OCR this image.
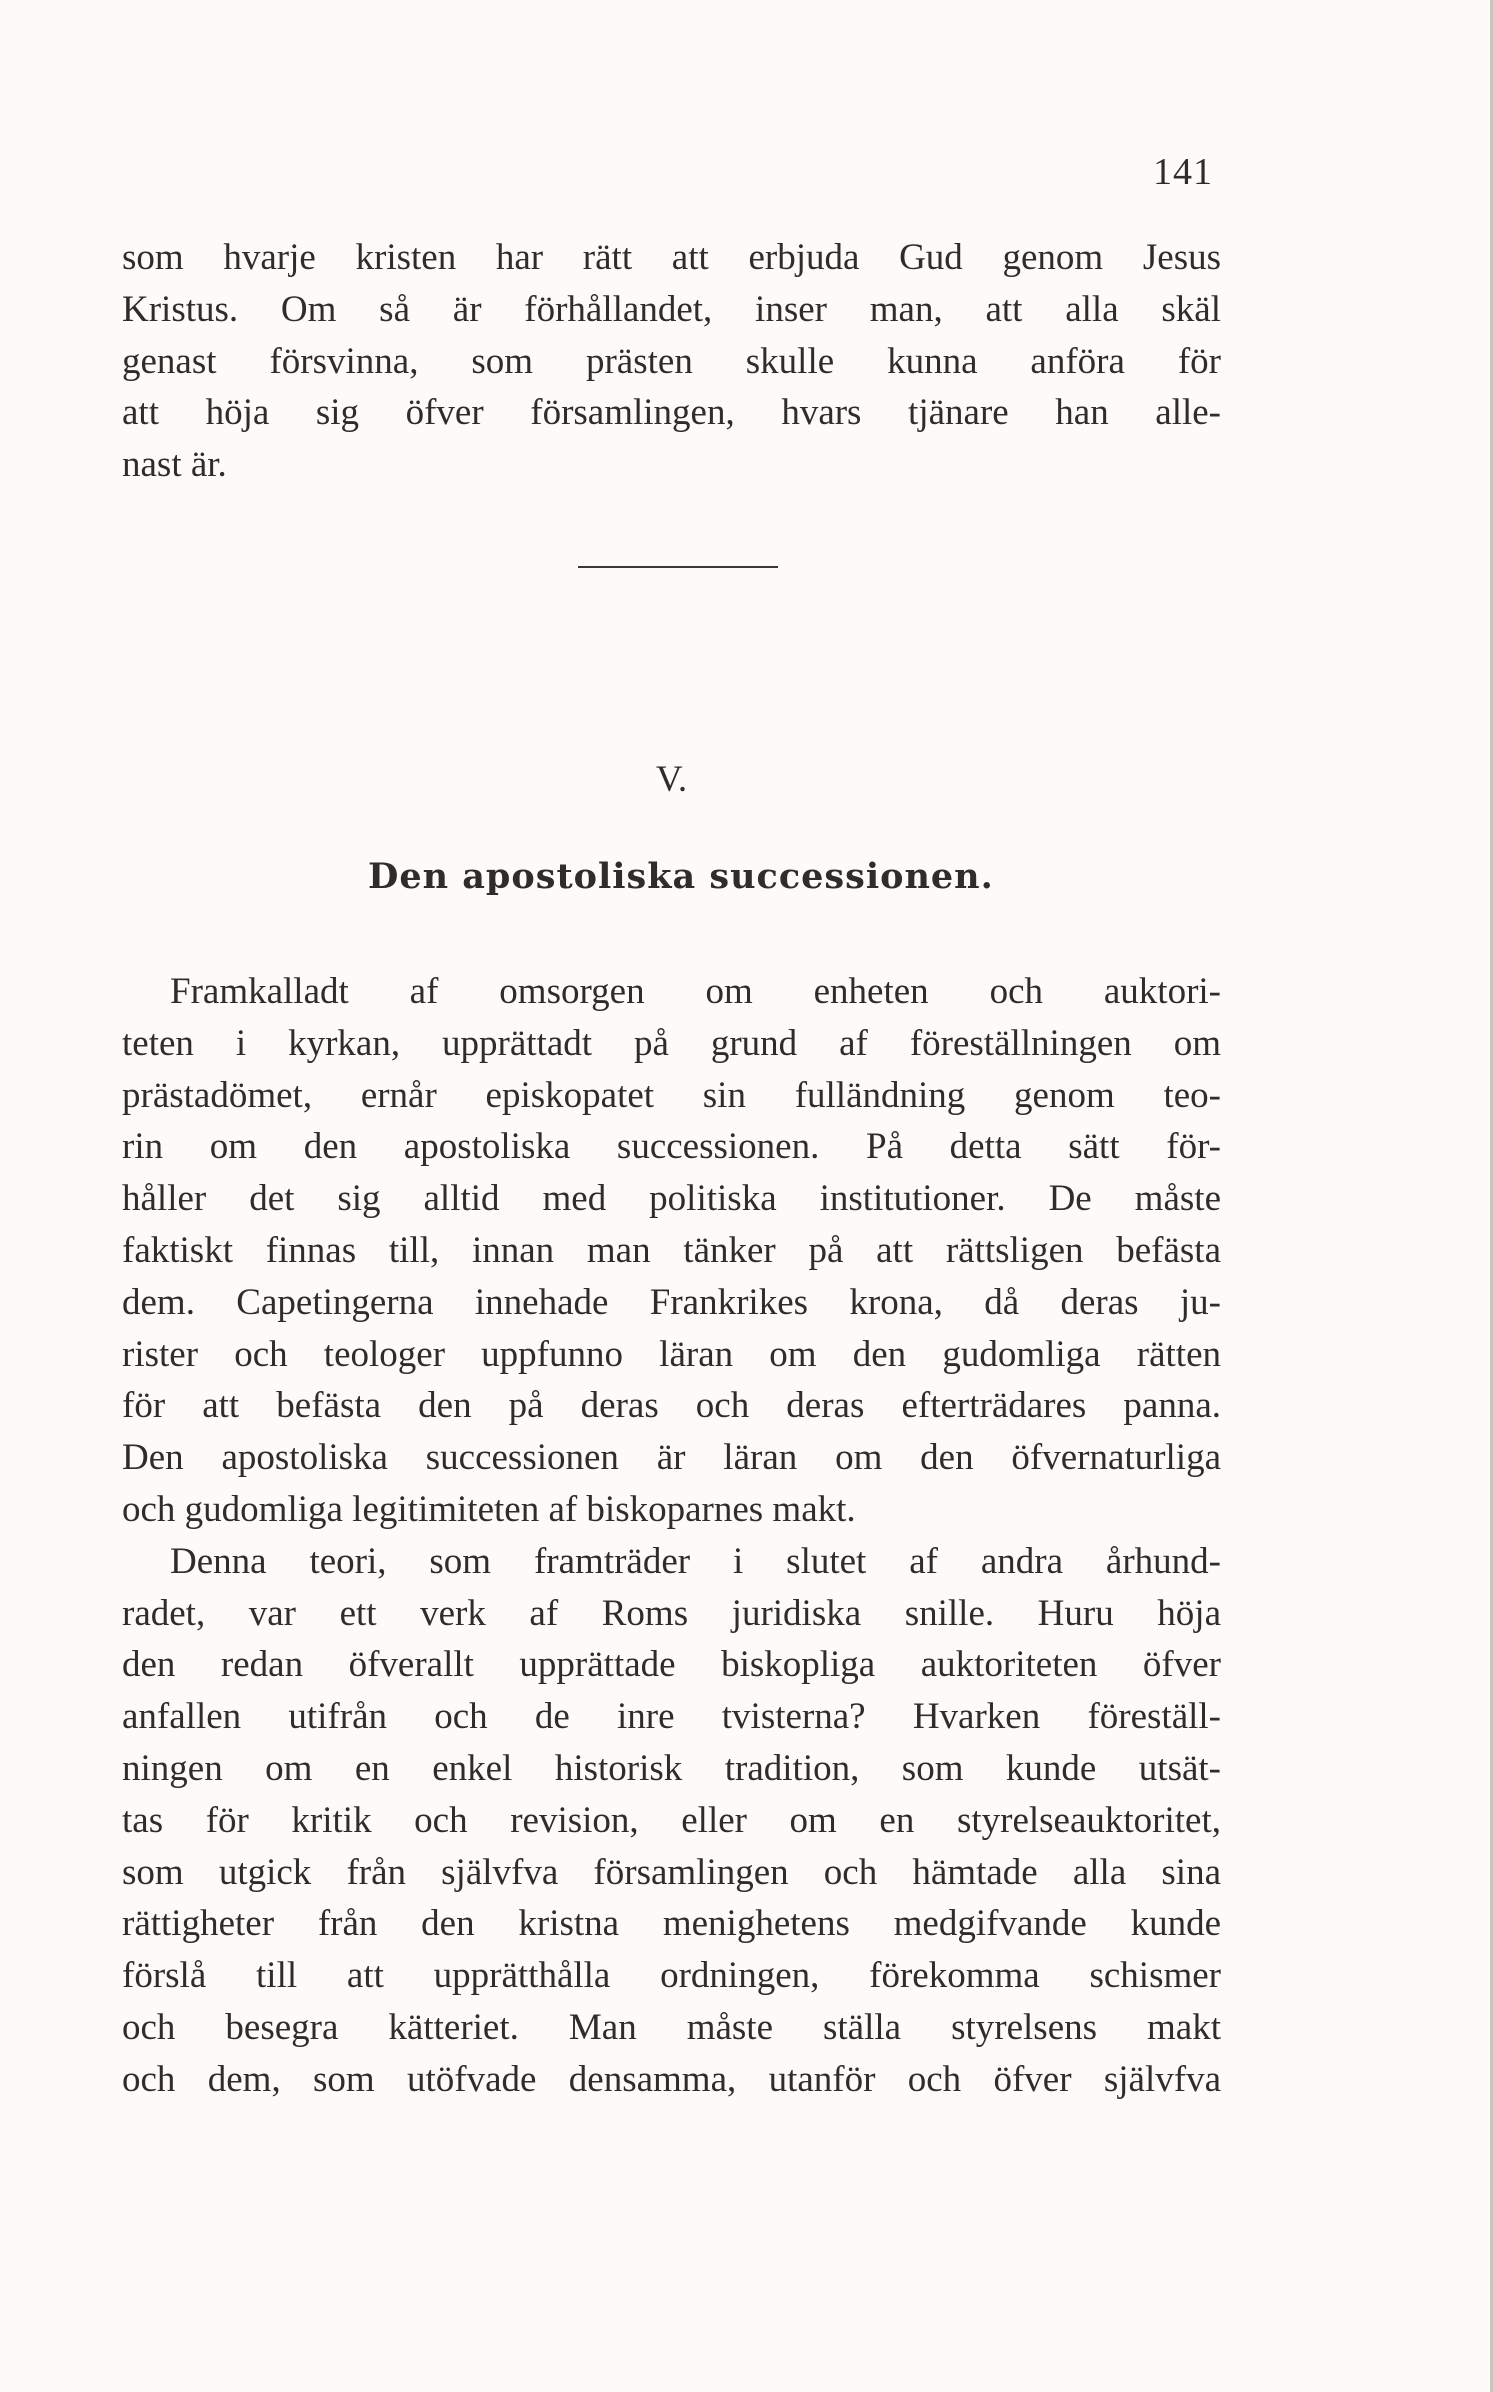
141
som hvarje kristen har rätt att erbjuda Gud genom Jesus
Kristus. Om så är förhållandet, inser man, att alla skäl
genast försvinna, som prästen skulle kunna anföra för
att höja sig öfver församlingen, hvars tjänare han alle-
nast är.
V.
Den apostoliska successionen.
Framkalladt af omsorgen om enheten och auktori-
teten i kyrkan, upprättadt på grund af föreställningen om
prästadömet, ernår episkopatet sin fulländning genom teo-
rin om den apostoliska successionen. På detta sätt för-
håller det sig alltid med politiska institutioner. De måste
faktiskt finnas till, innan man tänker på att rättsligen befästa
dem. Capetingerna innehade Frankrikes krona, då deras ju-
rister och teologer uppfunno läran om den gudomliga rätten
för att befästa den på deras och deras efterträdares panna.
Den apostoliska successionen är läran om den öfvernaturliga
och gudomliga legitimiteten af biskoparnes makt.
Denna teori, som framträder i slutet af andra århund-
radet, var ett verk af Roms juridiska snille. Huru höja
den redan öfverallt upprättade biskopliga auktoriteten öfver
anfallen utifrån och de inre tvisterna? Hvarken föreställ-
ningen om en enkel historisk tradition, som kunde utsät-
tas för kritik och revision, eller om en styrelseauktoritet,
som utgick från självfva församlingen och hämtade alla sina
rättigheter från den kristna menighetens medgifvande kunde
förslå till att upprätthålla ordningen, förekomma schismer
och besegra kätteriet. Man måste ställa styrelsens makt
och dem, som utöfvade densamma, utanför och öfver självfva
